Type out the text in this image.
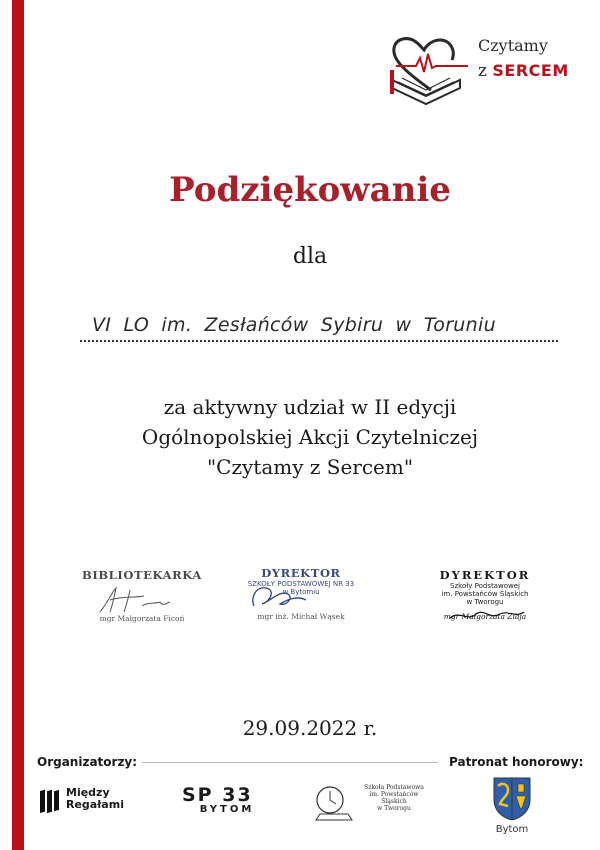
Czytamy
z SERCEM
Podziękowanie
dla
VI LO im. Zesłańców Sybiru w Toruniu
za aktywny udział w II edycji
Ogólnopolskiej Akcji Czytelniczej
"Czytamy z Sercem"
BIBLIOTEKARKA
mgr Małgorzata Ficoń
DYREKTOR
SZKOŁY PODSTAWOWEJ NR 33
w Bytomiu
mgr inż. Michał Wąsek
DYREKTOR
Szkoły Podstawowej
im. Powstańców Śląskich
w Tworogu
mgr Małgorzata Ziaja
29.09.2022 r.
Organizatorzy:	Patronat honorowy:
Między
Regałami	SP 33
BYTOM
Szkoła Podstawowa
im. Powstańców Śląskich
w Tworogu
Bytom
